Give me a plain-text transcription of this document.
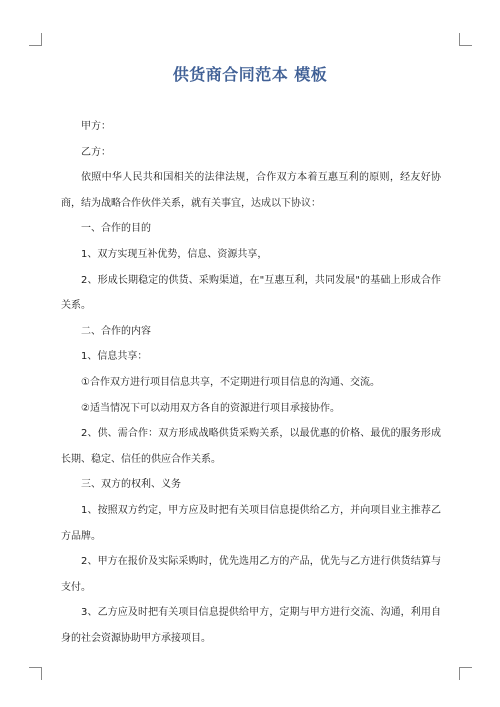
供货商合同范本 模板

甲方：

乙方：

依照中华人民共和国相关的法律法规，合作双方本着互惠互利的原则，经友好协商，结为战略合作伙伴关系，就有关事宜，达成以下协议：

一、合作的目的

1、双方实现互补优势，信息、资源共享，

2、形成长期稳定的供货、采购渠道，在"互惠互利，共同发展"的基础上形成合作关系。

二、合作的内容

1、信息共享：

①合作双方进行项目信息共享，不定期进行项目信息的沟通、交流。

②适当情况下可以动用双方各自的资源进行项目承接协作。

2、供、需合作：双方形成战略供货采购关系，以最优惠的价格、最优的服务形成长期、稳定、信任的供应合作关系。

三、双方的权利、义务

1、按照双方约定，甲方应及时把有关项目信息提供给乙方，并向项目业主推荐乙方品牌。

2、甲方在报价及实际采购时，优先选用乙方的产品，优先与乙方进行供货结算与支付。

3、乙方应及时把有关项目信息提供给甲方，定期与甲方进行交流、沟通，利用自身的社会资源协助甲方承接项目。
